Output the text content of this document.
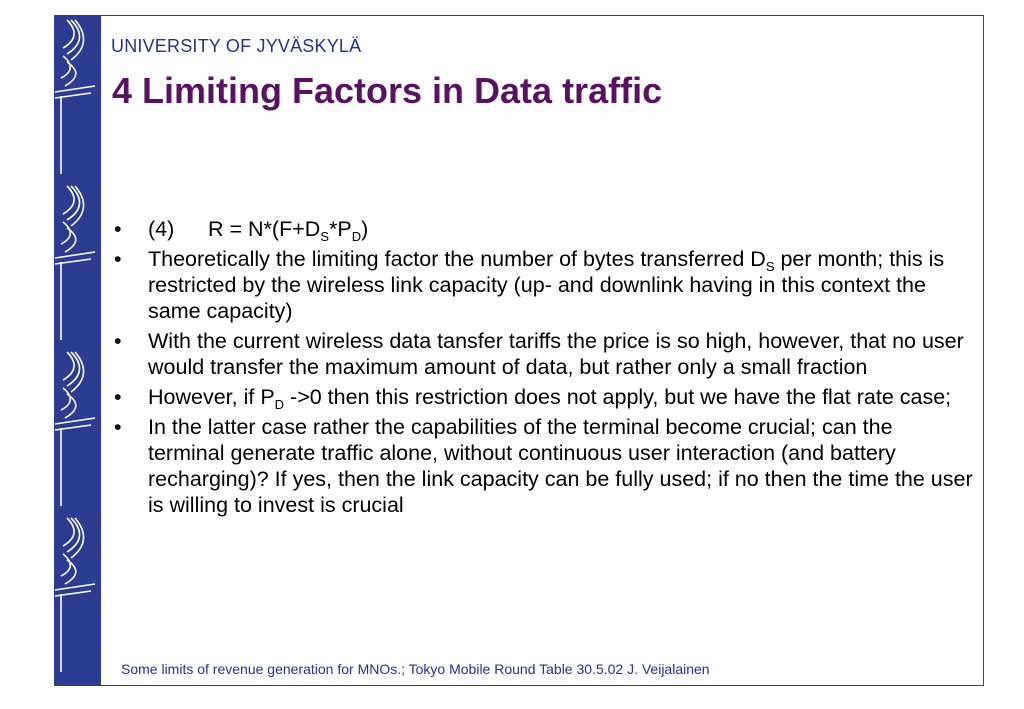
UNIVERSITY OF JYVÄSKYLÄ
4 Limiting Factors in Data traffic
• (4) $R = N*(F+D_S*P_D)$
• Theoretically the limiting factor the number of bytes transferred $D_S$ per month; this is restricted by the wireless link capacity (up- and downlink having in this context the same capacity)
• With the current wireless data tansfer tariffs the price is so high, however, that no user would transfer the maximum amount of data, but rather only a small fraction
• However, if $P_D$ ->0 then this restriction does not apply, but we have the flat rate case;
• In the latter case rather the capabilities of the terminal become crucial; can the terminal generate traffic alone, without continuous user interaction (and battery recharging)? If yes, then the link capacity can be fully used; if no then the time the user is willing to invest is crucial
Some limits of revenue generation for MNOs.; Tokyo Mobile Round Table 30.5.02 J. Veijalainen
